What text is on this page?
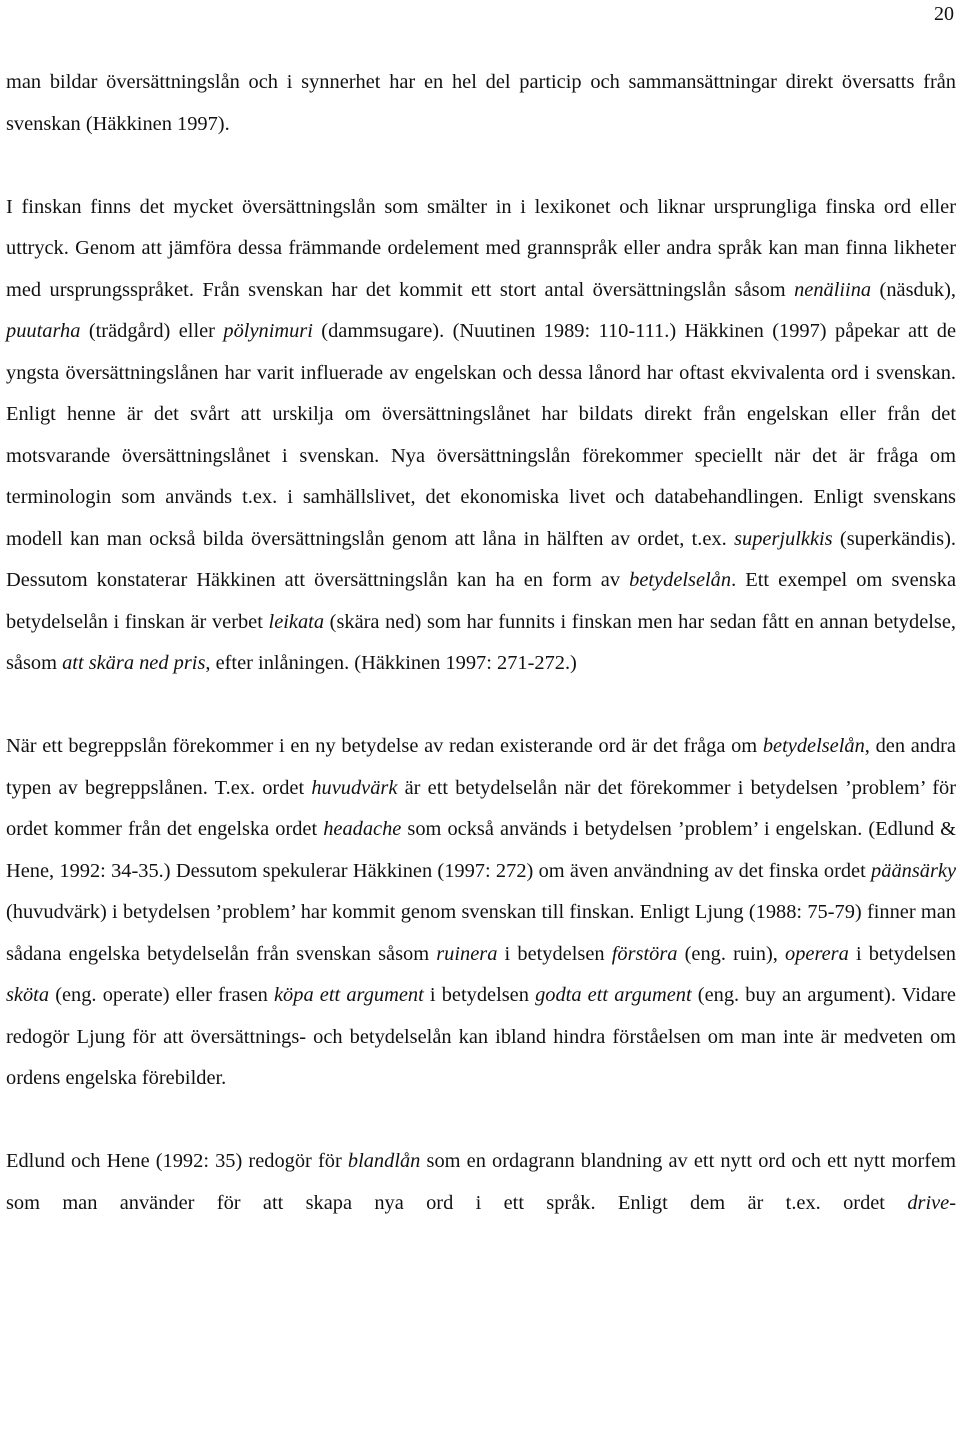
20

man bildar översättningslån och i synnerhet har en hel del particip och sammansättningar direkt översatts från svenskan (Häkkinen 1997).

I finskan finns det mycket översättningslån som smälter in i lexikonet och liknar ursprungliga finska ord eller uttryck. Genom att jämföra dessa främmande ordelement med grannspråk eller andra språk kan man finna likheter med ursprungsspråket. Från svenskan har det kommit ett stort antal översättningslån såsom nenäliina (näsduk), puutarha (trädgård) eller pölynimuri (dammsugare). (Nuutinen 1989: 110-111.) Häkkinen (1997) påpekar att de yngsta översättningslånen har varit influerade av engelskan och dessa lånord har oftast ekvivalenta ord i svenskan. Enligt henne är det svårt att urskilja om översättningslånet har bildats direkt från engelskan eller från det motsvarande översättningslånet i svenskan. Nya översättningslån förekommer speciellt när det är fråga om terminologin som används t.ex. i samhällslivet, det ekonomiska livet och databehandlingen. Enligt svenskans modell kan man också bilda översättningslån genom att låna in hälften av ordet, t.ex. superjulkkis (superkändis). Dessutom konstaterar Häkkinen att översättningslån kan ha en form av betydelselån. Ett exempel om svenska betydelselån i finskan är verbet leikata (skära ned) som har funnits i finskan men har sedan fått en annan betydelse, såsom att skära ned pris, efter inlåningen. (Häkkinen 1997: 271-272.)

När ett begreppslån förekommer i en ny betydelse av redan existerande ord är det fråga om betydelselån, den andra typen av begreppslånen. T.ex. ordet huvudvärk är ett betydelselån när det förekommer i betydelsen ’problem’ för ordet kommer från det engelska ordet headache som också används i betydelsen ’problem’ i engelskan. (Edlund & Hene, 1992: 34-35.) Dessutom spekulerar Häkkinen (1997: 272) om även användning av det finska ordet päänsärky (huvudvärk) i betydelsen ’problem’ har kommit genom svenskan till finskan. Enligt Ljung (1988: 75-79) finner man sådana engelska betydelselån från svenskan såsom ruinera i betydelsen förstöra (eng. ruin), operera i betydelsen sköta (eng. operate) eller frasen köpa ett argument i betydelsen godta ett argument (eng. buy an argument). Vidare redogör Ljung för att översättnings- och betydelselån kan ibland hindra förståelsen om man inte är medveten om ordens engelska förebilder.

Edlund och Hene (1992: 35) redogör för blandlån som en ordagrann blandning av ett nytt ord och ett nytt morfem som man använder för att skapa nya ord i ett språk. Enligt dem är t.ex. ordet drive-
